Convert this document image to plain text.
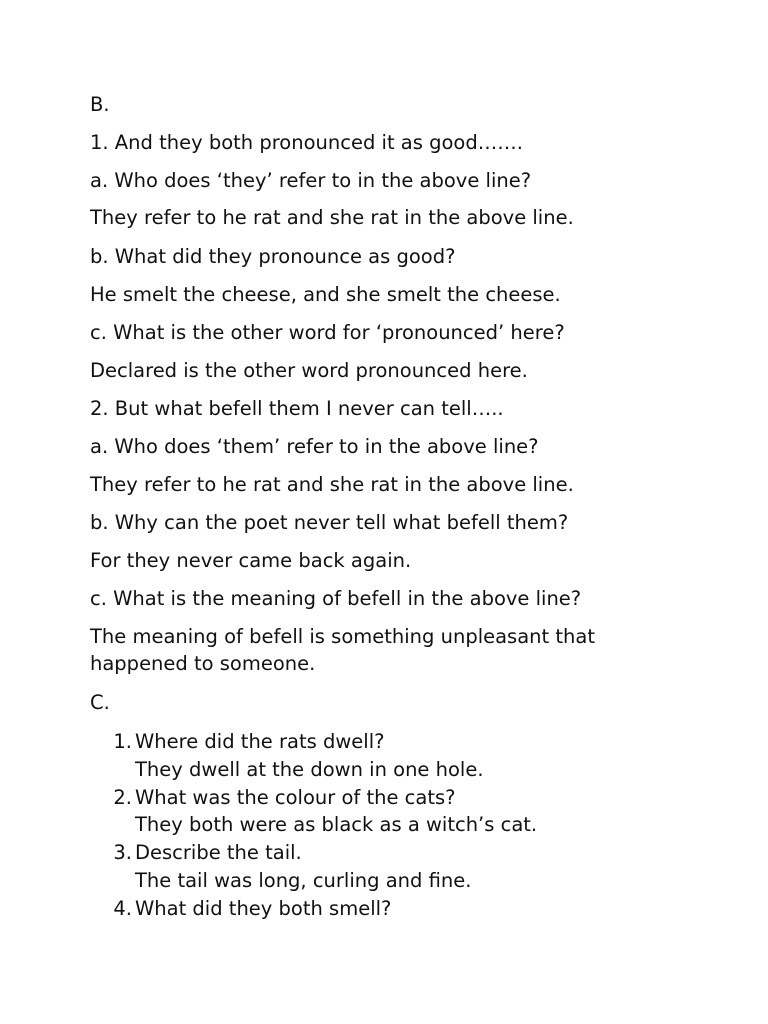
B.

1. And they both pronounced it as good…….

a. Who does ‘they’ refer to in the above line?

They refer to he rat and she rat in the above line.

b. What did they pronounce as good?

He smelt the cheese, and she smelt the cheese.

c. What is the other word for ‘pronounced’ here?

Declared is the other word pronounced here.

2. But what befell them I never can tell…..

a. Who does ‘them’ refer to in the above line?

They refer to he rat and she rat in the above line.

b. Why can the poet never tell what befell them?

For they never came back again.

c. What is the meaning of befell in the above line?

The meaning of befell is something unpleasant that happened to someone.

C.

1. Where did the rats dwell?
They dwell at the down in one hole.
2. What was the colour of the cats?
They both were as black as a witch’s cat.
3. Describe the tail.
The tail was long, curling and fine.
4. What did they both smell?
